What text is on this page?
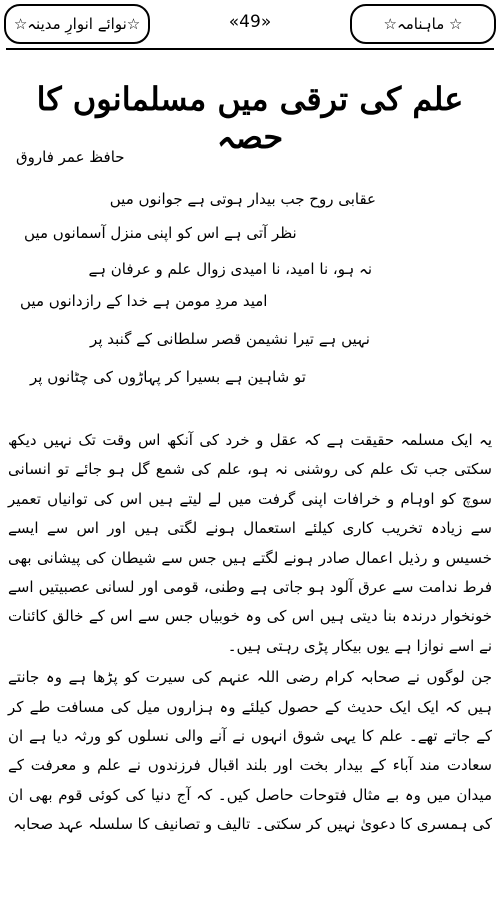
☆نوائے انوارِ مدینہ☆	«49»	☆ ماہنامہ☆
علم کی ترقی میں مسلمانوں کا حصہ
حافظ عمر فاروق
عقابی روح جب بیدار ہوتی ہے جوانوں میں
نظر آتی ہے اس کو اپنی منزل آسمانوں میں
نہ ہو، نا امید، نا امیدی زوال علم و عرفان ہے
امید مردِ مومن ہے خدا کے رازدانوں میں
نہیں ہے تیرا نشیمن قصر سلطانی کے گنبد پر
تو شاہین ہے بسیرا کر پہاڑوں کی چٹانوں پر

یہ ایک مسلمہ حقیقت ہے کہ عقل و خرد کی آنکھ اس وقت تک نہیں دیکھ سکتی جب تک علم کی روشنی نہ ہو، علم کی شمع گل ہو جائے تو انسانی سوچ کو اوہام و خرافات اپنی گرفت میں لے لیتے ہیں اس کی توانیاں تعمیر سے زیادہ تخریب کاری کیلئے استعمال ہونے لگتی ہیں اور اس سے ایسے خسیس و رذیل اعمال صادر ہونے لگتے ہیں جس سے شیطان کی پیشانی بھی فرط ندامت سے عرق آلود ہو جاتی ہے وطنی، قومی اور لسانی عصبیتیں اسے خونخوار درندہ بنا دیتی ہیں اس کی وہ خوبیاں جس سے اس کے خالق کائنات نے اسے نوازا ہے یوں بیکار پڑی رہتی ہیں۔

جن لوگوں نے صحابہ کرام رضی اللہ عنہم کی سیرت کو پڑھا ہے وہ جانتے ہیں کہ ایک ایک حدیث کے حصول کیلئے وہ ہزاروں میل کی مسافت طے کر کے جاتے تھے۔ علم کا یہی شوق انہوں نے آنے والی نسلوں کو ورثہ دیا ہے ان سعادت مند آباء کے بیدار بخت اور بلند اقبال فرزندوں نے علم و معرفت کے میدان میں وہ بے مثال فتوحات حاصل کیں۔ کہ آج دنیا کی کوئی قوم بھی ان کی ہمسری کا دعویٰ نہیں کر سکتی۔ تالیف و تصانیف کا سلسلہ عہد صحابہ
